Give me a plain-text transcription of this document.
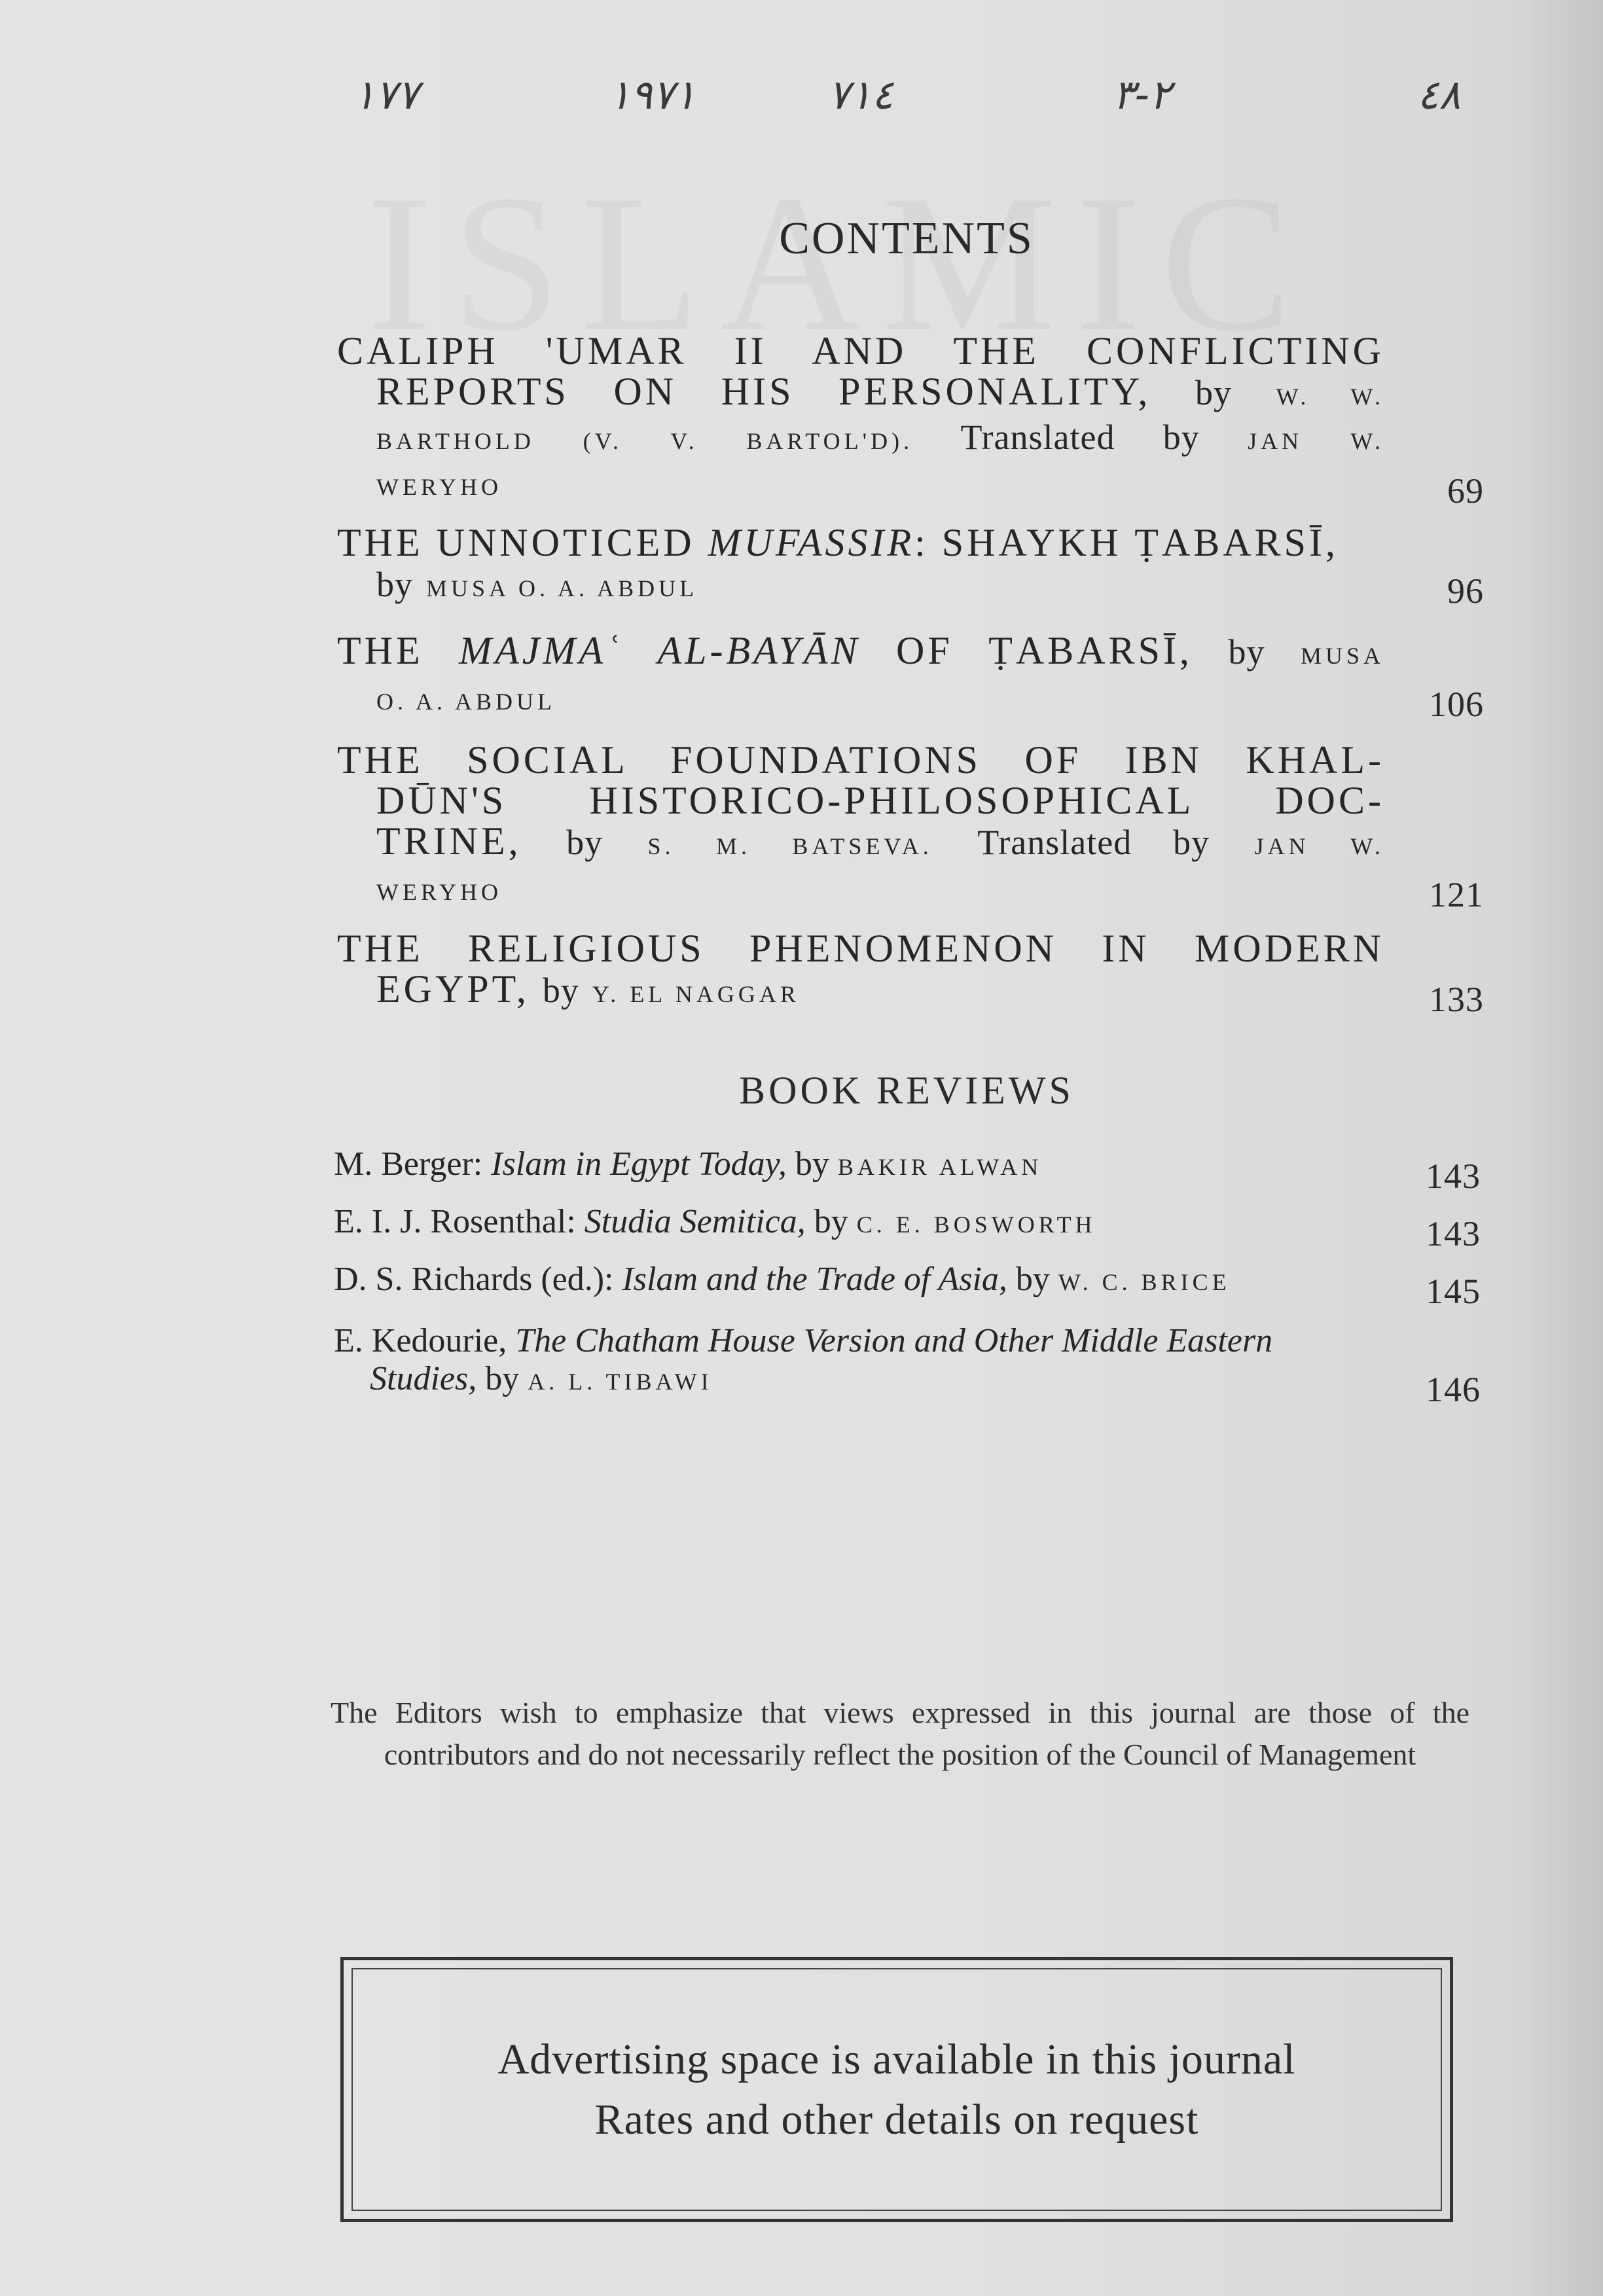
١٧٧	١٩٧١	٧١٤	٢-٣	٤٨
CONTENTS
CALIPH 'UMAR II AND THE CONFLICTING
REPORTS ON HIS PERSONALITY, by W. W.
BARTHOLD (V. V. BARTOL'D). Translated by JAN W.
WERYHO	69
THE UNNOTICED MUFASSIR: SHAYKH ṬABARSĪ,
by MUSA O. A. ABDUL	96
THE MAJMAʿ AL-BAYĀN OF ṬABARSĪ, by MUSA
O. A. ABDUL	106
THE SOCIAL FOUNDATIONS OF IBN KHAL-
DŪN'S HISTORICO-PHILOSOPHICAL DOC-
TRINE, by S. M. BATSEVA. Translated by JAN W.
WERYHO	121
THE RELIGIOUS PHENOMENON IN MODERN
EGYPT, by Y. EL NAGGAR	133
BOOK REVIEWS
M. Berger: Islam in Egypt Today, by BAKIR ALWAN	143
E. I. J. Rosenthal: Studia Semitica, by C. E. BOSWORTH	143
D. S. Richards (ed.): Islam and the Trade of Asia, by W. C. BRICE	145
E. Kedourie, The Chatham House Version and Other Middle Eastern
Studies, by A. L. TIBAWI	146
The Editors wish to emphasize that views expressed in this journal are those of the contributors and do not necessarily reflect the position of the Council of Management
Advertising space is available in this journal
Rates and other details on request
